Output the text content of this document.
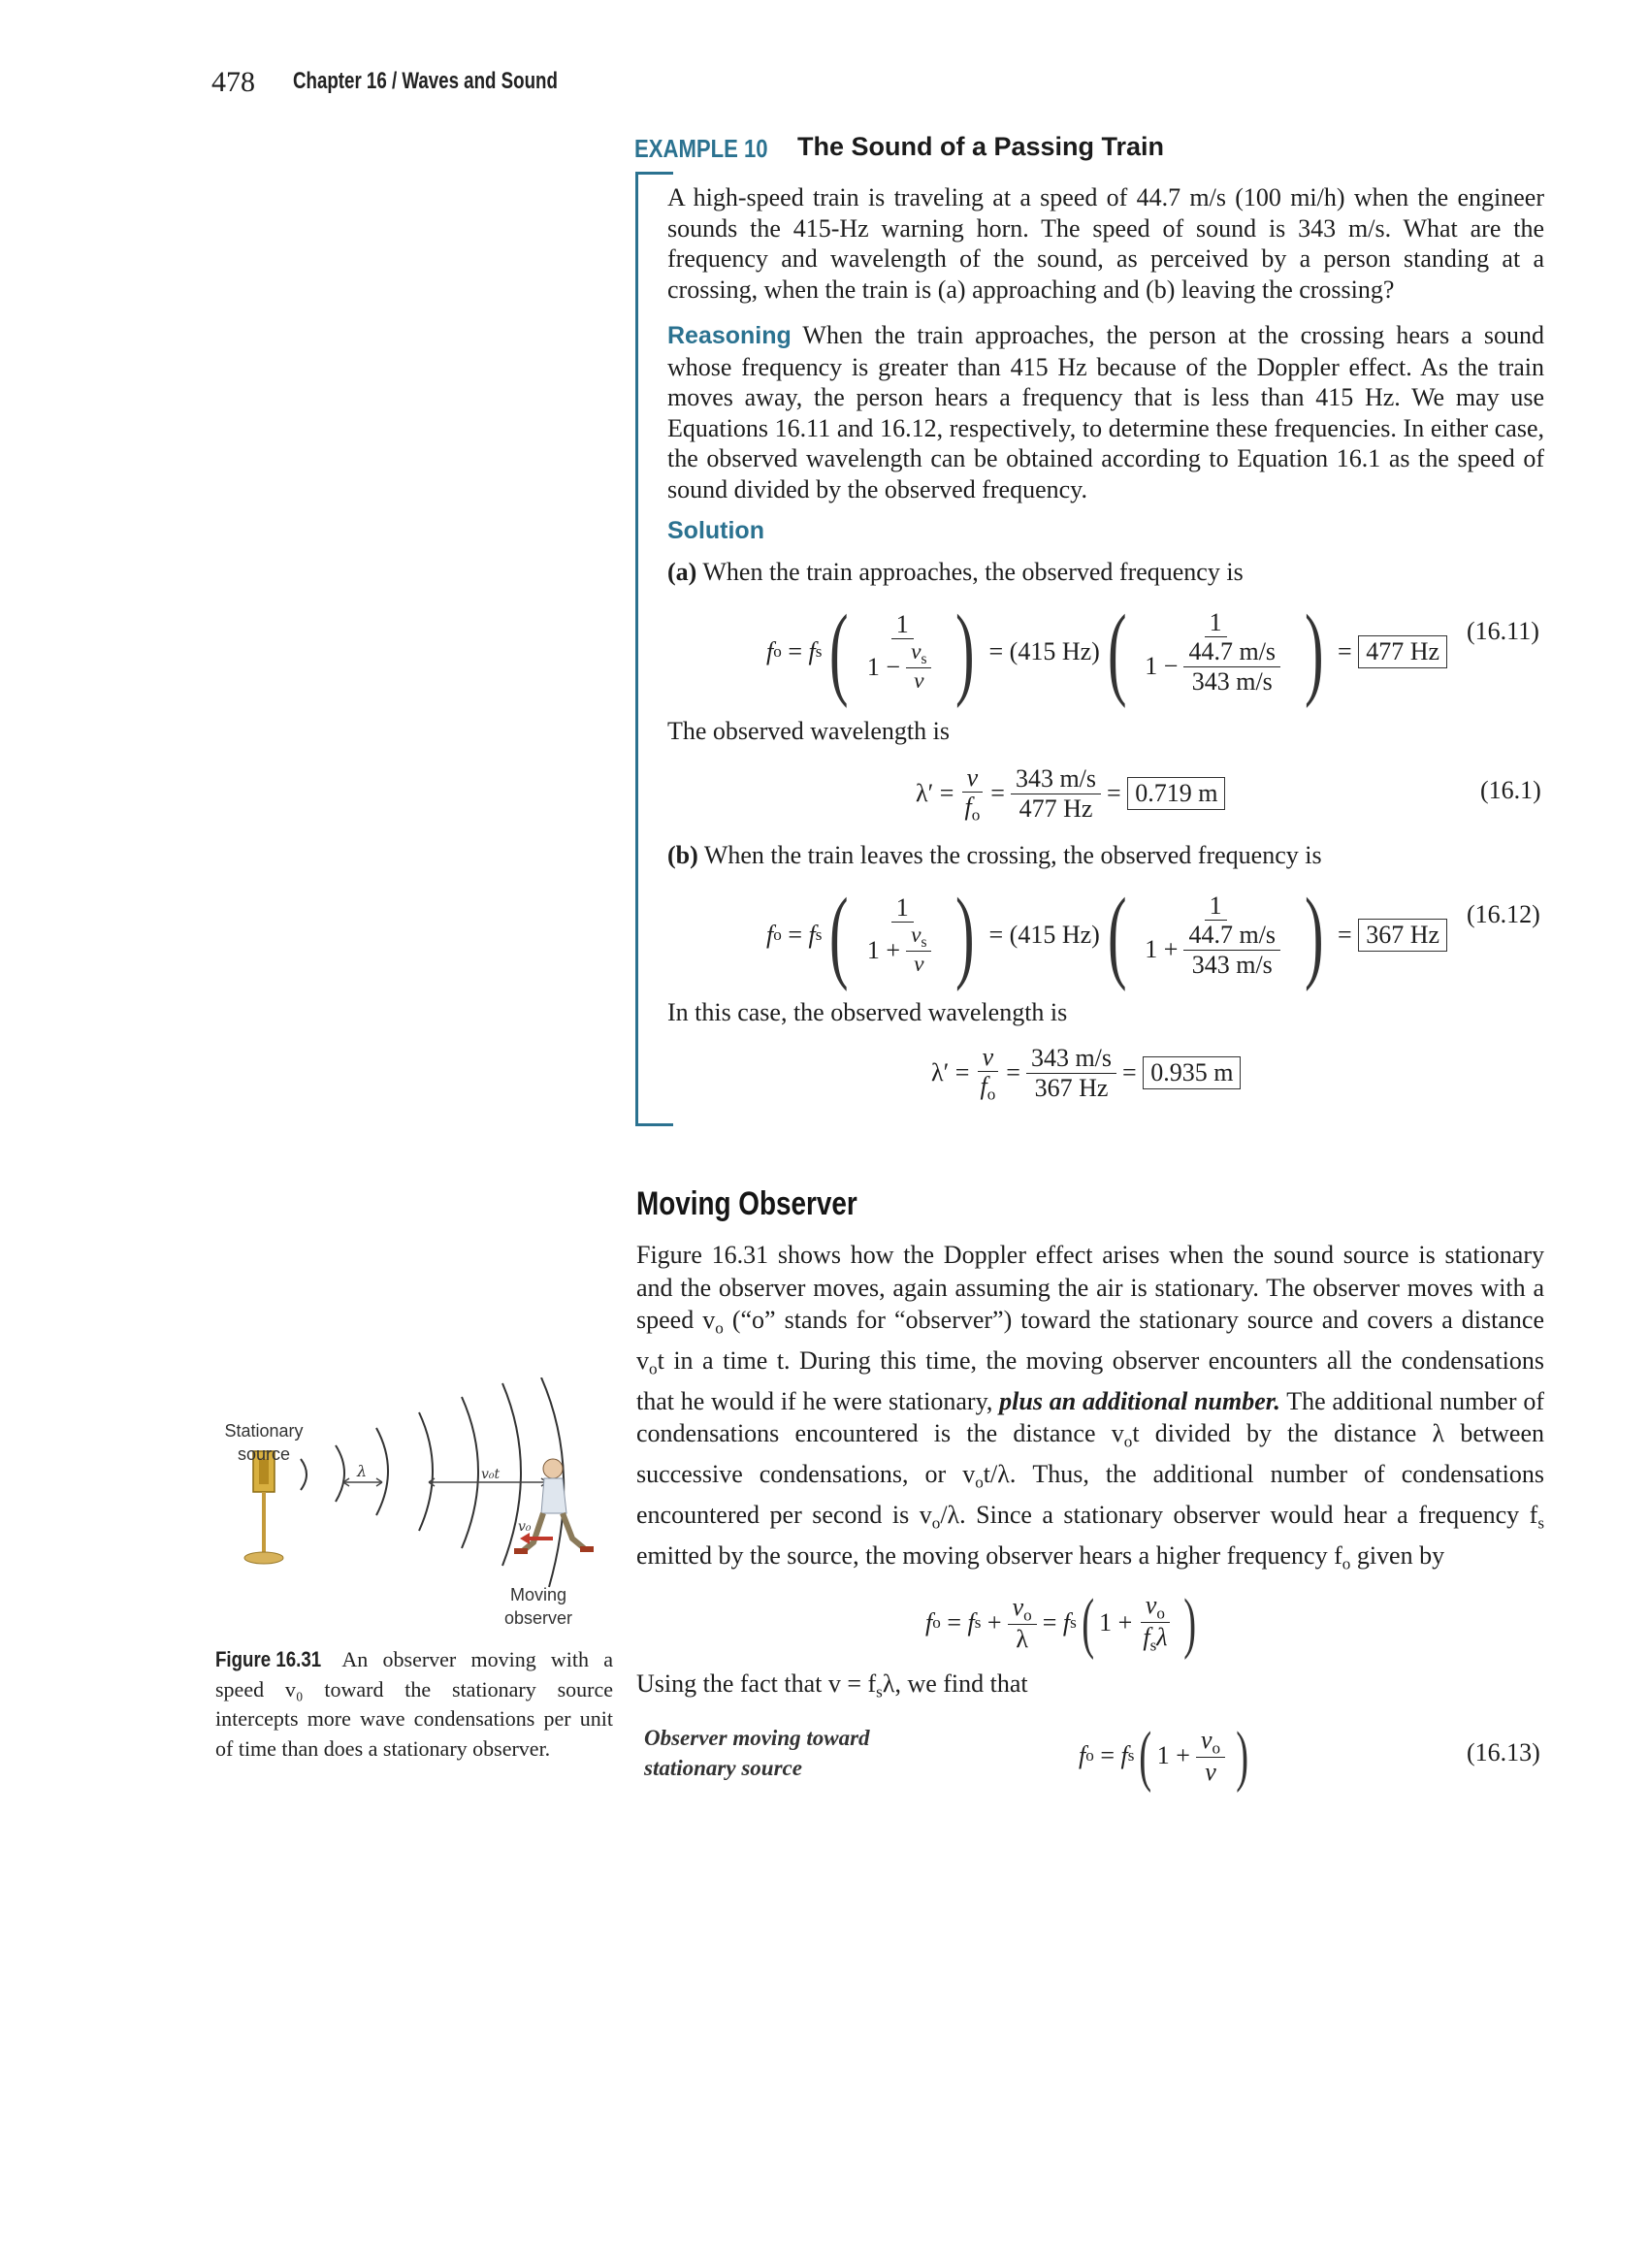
478 Chapter 16 / Waves and Sound
EXAMPLE 10 The Sound of a Passing Train
A high-speed train is traveling at a speed of 44.7 m/s (100 mi/h) when the engineer sounds the 415-Hz warning horn. The speed of sound is 343 m/s. What are the frequency and wavelength of the sound, as perceived by a person standing at a crossing, when the train is (a) approaching and (b) leaving the crossing?
Reasoning When the train approaches, the person at the crossing hears a sound whose frequency is greater than 415 Hz because of the Doppler effect. As the train moves away, the person hears a frequency that is less than 415 Hz. We may use Equations 16.11 and 16.12, respectively, to determine these frequencies. In either case, the observed wavelength can be obtained according to Equation 16.1 as the speed of sound divided by the observed frequency.
Solution
(a) When the train approaches, the observed frequency is
f o = f s ( $\frac{1}{1 - \frac{v_s}{v}}$
) = (415 Hz) ( $\frac{1}{1 - \frac{44.7 m/s}{343 m/s}}$
) = 477 Hz
(16.11)
The observed wavelength is
$\lambda' = \frac{v}{f_o} = \frac{343 m/s}{477 Hz} = 0.719$ m	(16.1)
(b) When the train leaves the crossing, the observed frequency is
f o = f s ( $\frac{1}{1 + \frac{v_s}{v}}$
) = (415 Hz) ( $\frac{1}{1 + \frac{44.7 m/s}{343 m/s}}$
) = 367 Hz
(16.12)
In this case, the observed wavelength is
$\lambda' = \frac{v}{f_o} = \frac{343 m/s}{367 Hz} = 0.935$ m
Moving Observer
Figure 16.31 shows how the Doppler effect arises when the sound source is stationary and the observer moves, again assuming the air is stationary. The observer moves with a speed $v_o$ (“o” stands for “observer”) toward the stationary source and covers a distance $v_ot$ in a time t. During this time, the moving observer encounters all the condensations that he would if he were stationary, plus an additional number. The additional number of condensations encountered is the distance $v_ot$ divided by the distance λ between successive condensations, or $v_ot/\lambda$. Thus, the additional number of condensations encountered per second is $v_o/\lambda$. Since a stationary observer would hear a frequency $f_s$ emitted by the source, the moving observer hears a higher frequency $f_o$ given by
f o = f $s + \frac{v_o}{\lambda} = f$ s ( $1 + \frac{v_o}{f_s\lambda}$
)
Using the fact that $v = f_s\lambda$, we find that
Observer moving toward stationary source	f o = f s ( $1 + \frac{v_o}{v}$
)	(16.13)
λ	v₀t
v₀
Stationary source
Moving observer
Figure 16.31 An observer moving with a speed v₀ toward the stationary source intercepts more wave condensations per unit of time than does a stationary observer.
